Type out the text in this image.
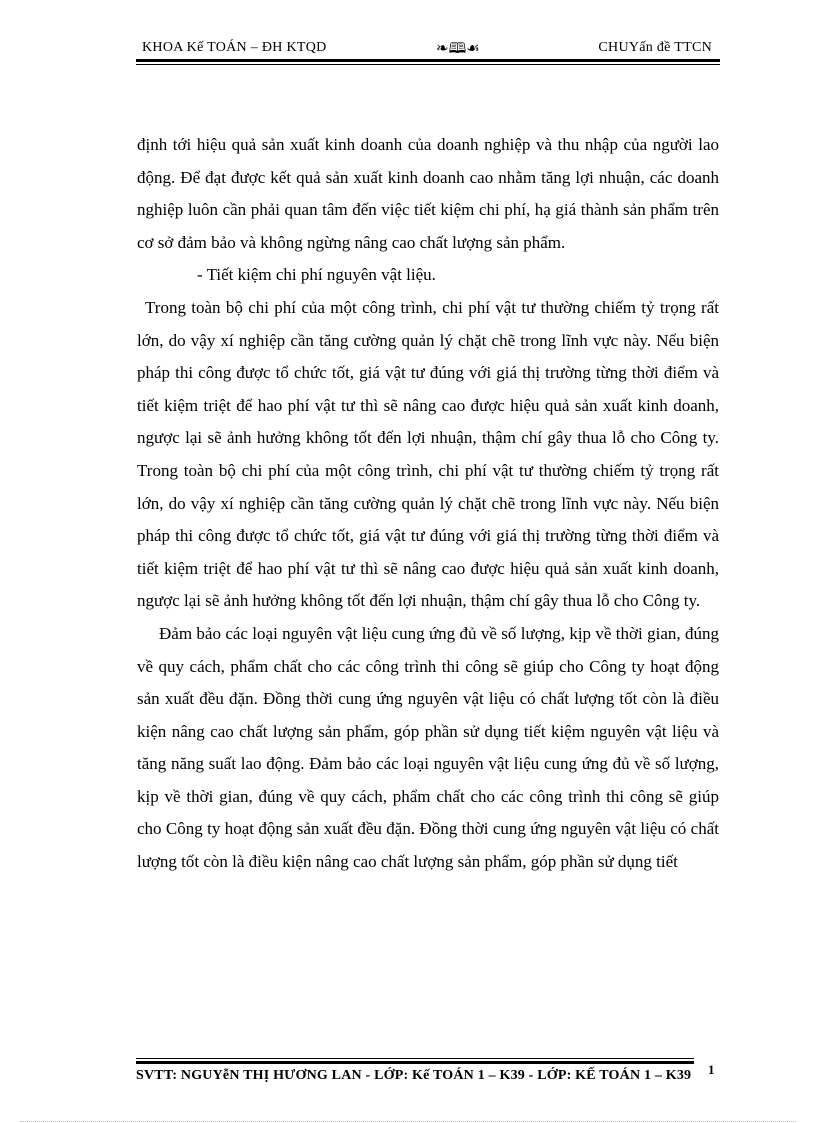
KHOA Kế TOÁN – ĐH KTQD	❧🕮☙	CHUYấn đề TTCN

định tới hiệu quả sản xuất kinh doanh của doanh nghiệp và thu nhập của người lao động. Để đạt được kết quả sản xuất kinh doanh cao nhằm tăng lợi nhuận, các doanh nghiệp luôn cần phải quan tâm đến việc tiết kiệm chi phí, hạ giá thành sản phẩm trên cơ sở đảm bảo và không ngừng nâng cao chất lượng sản phẩm.

- Tiết kiệm chi phí nguyên vật liệu.

Trong toàn bộ chi phí của một công trình, chi phí vật tư thường chiếm tỷ trọng rất lớn, do vậy xí nghiệp cần tăng cường quản lý chặt chẽ trong lĩnh vực này. Nếu biện pháp thi công được tổ chức tốt, giá vật tư đúng với giá thị trường từng thời điểm và tiết kiệm triệt để hao phí vật tư thì sẽ nâng cao được hiệu quả sản xuất kinh doanh, ngược lại sẽ ảnh hưởng không tốt đến lợi nhuận, thậm chí gây thua lỗ cho Công ty. Trong toàn bộ chi phí của một công trình, chi phí vật tư thường chiếm tỷ trọng rất lớn, do vậy xí nghiệp cần tăng cường quản lý chặt chẽ trong lĩnh vực này. Nếu biện pháp thi công được tổ chức tốt, giá vật tư đúng với giá thị trường từng thời điểm và tiết kiệm triệt để hao phí vật tư thì sẽ nâng cao được hiệu quả sản xuất kinh doanh, ngược lại sẽ ảnh hưởng không tốt đến lợi nhuận, thậm chí gây thua lỗ cho Công ty.

Đảm bảo các loại nguyên vật liệu cung ứng đủ về số lượng, kịp về thời gian, đúng về quy cách, phẩm chất cho các công trình thi công sẽ giúp cho Công ty hoạt động sản xuất đều đặn. Đồng thời cung ứng nguyên vật liệu có chất lượng tốt còn là điều kiện nâng cao chất lượng sản phẩm, góp phần sử dụng tiết kiệm nguyên vật liệu và tăng năng suất lao động. Đảm bảo các loại nguyên vật liệu cung ứng đủ về số lượng, kịp về thời gian, đúng về quy cách, phẩm chất cho các công trình thi công sẽ giúp cho Công ty hoạt động sản xuất đều đặn. Đồng thời cung ứng nguyên vật liệu có chất lượng tốt còn là điều kiện nâng cao chất lượng sản phẩm, góp phần sử dụng tiết

SVTT: NGUYễN THỊ HƯƠNG LAN - LỚP: Kế TOÁN 1 – K39 - LỚP: KẾ TOÁN 1 – K39	1
